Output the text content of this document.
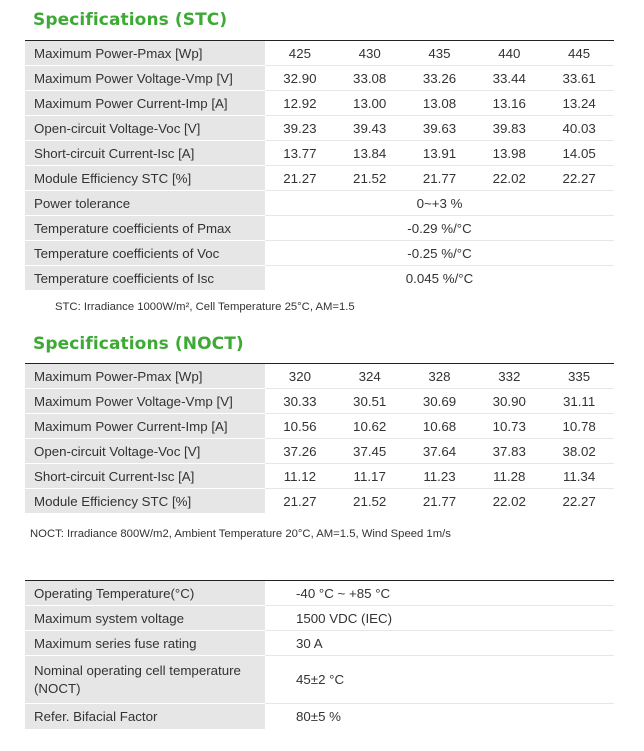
Specifications (STC)
Maximum Power-Pmax [Wp]	425	430	435	440	445
Maximum Power Voltage-Vmp [V]	32.90	33.08	33.26	33.44	33.61
Maximum Power Current-Imp [A]	12.92	13.00	13.08	13.16	13.24
Open-circuit Voltage-Voc [V]	39.23	39.43	39.63	39.83	40.03
Short-circuit Current-Isc [A]	13.77	13.84	13.91	13.98	14.05
Module Efficiency STC [%]	21.27	21.52	21.77	22.02	22.27
Power tolerance	0~+3 %				
Temperature coefficients of Pmax	-0.29 %/°C				
Temperature coefficients of Voc	-0.25 %/°C				
Temperature coefficients of Isc	0.045 %/°C				

STC: Irradiance 1000W/m², Cell Temperature 25°C, AM=1.5

Specifications (NOCT)
Maximum Power-Pmax [Wp]	320	324	328	332	335
Maximum Power Voltage-Vmp [V]	30.33	30.51	30.69	30.90	31.11
Maximum Power Current-Imp [A]	10.56	10.62	10.68	10.73	10.78
Open-circuit Voltage-Voc [V]	37.26	37.45	37.64	37.83	38.02
Short-circuit Current-Isc [A]	11.12	11.17	11.23	11.28	11.34
Module Efficiency STC [%]	21.27	21.52	21.77	22.02	22.27

NOCT: Irradiance 800W/m2, Ambient Temperature 20°C, AM=1.5, Wind Speed 1m/s

Operating Temperature(°C)	-40 °C ~ +85 °C
Maximum system voltage	1500 VDC (IEC)
Maximum series fuse rating	30 A
Nominal operating cell temperature (NOCT)	45±2 °C
Refer. Bifacial Factor	80±5 %
